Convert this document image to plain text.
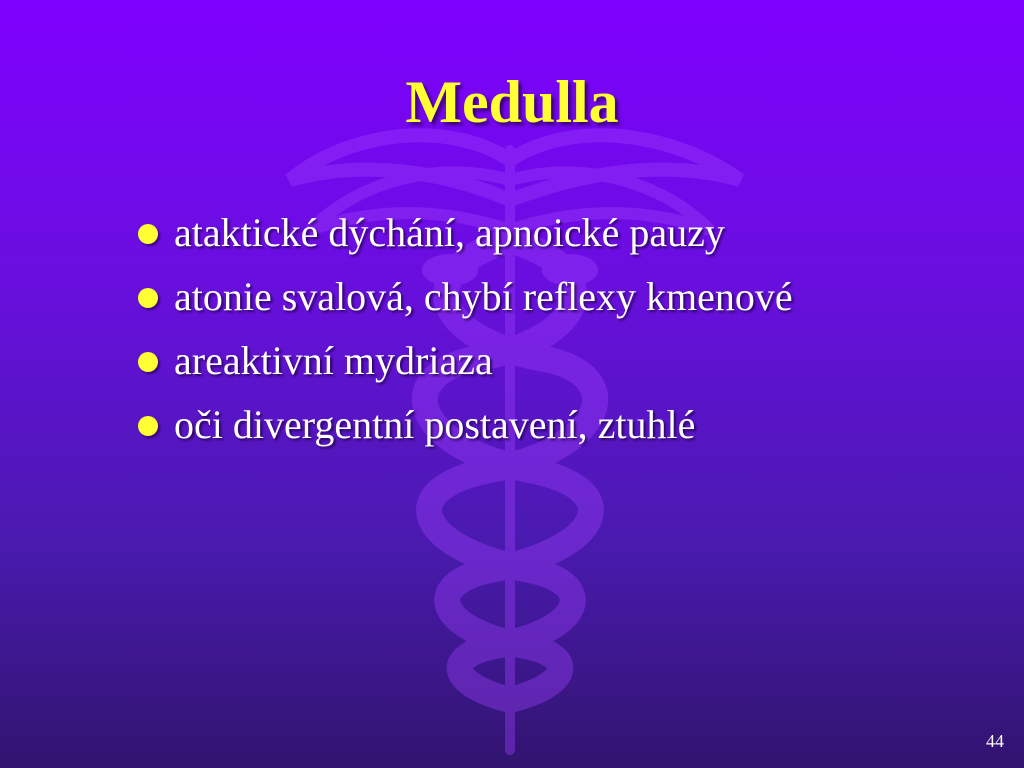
Medulla
ataktické dýchání, apnoické pauzy
atonie svalová, chybí reflexy kmenové
areaktivní mydriaza
oči divergentní postavení, ztuhlé
44
